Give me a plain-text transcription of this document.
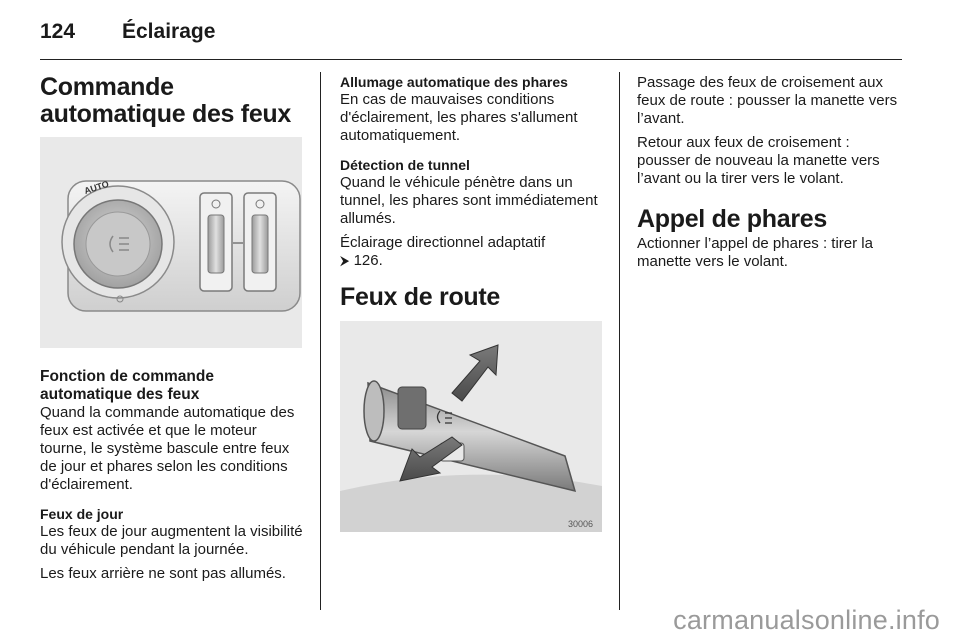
124 Éclairage
Commande automatique des feux
AUTO
Fonction de commande automatique des feux

Quand la commande automatique des feux est activée et que le moteur tourne, le système bascule entre feux de jour et phares selon les conditions d'éclairement.

Feux de jour

Les feux de jour augmentent la visibilité du véhicule pendant la journée.

Les feux arrière ne sont pas allumés.

Allumage automatique des phares

En cas de mauvaises conditions d'éclairement, les phares s'allument automatiquement.

Détection de tunnel

Quand le véhicule pénètre dans un tunnel, les phares sont immédiatement allumés.

Éclairage directionnel adaptatif
⮞ 126.

Feux de route
30006

Passage des feux de croisement aux feux de route : pousser la manette vers l’avant.

Retour aux feux de croisement : pousser de nouveau la manette vers l’avant ou la tirer vers le volant.

Appel de phares

Actionner l’appel de phares : tirer la manette vers le volant.

carmanualsonline.info
